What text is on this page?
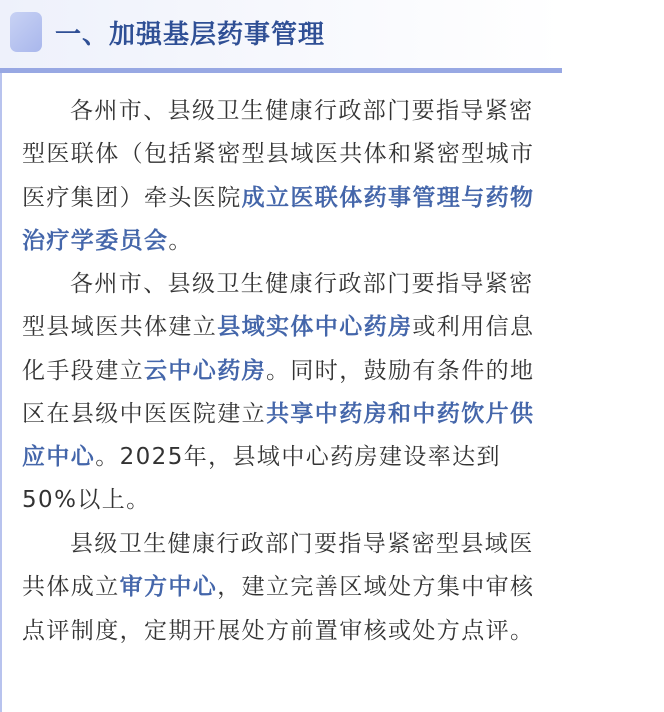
一、加强基层药事管理

各州市、县级卫生健康行政部门要指导紧密型医联体（包括紧密型县域医共体和紧密型城市医疗集团）牵头医院成立医联体药事管理与药物治疗学委员会。

各州市、县级卫生健康行政部门要指导紧密型县域医共体建立县域实体中心药房或利用信息化手段建立云中心药房。同时，鼓励有条件的地区在县级中医医院建立共享中药房和中药饮片供应中心。2025年，县域中心药房建设率达到50%以上。

县级卫生健康行政部门要指导紧密型县域医共体成立审方中心，建立完善区域处方集中审核点评制度，定期开展处方前置审核或处方点评。
